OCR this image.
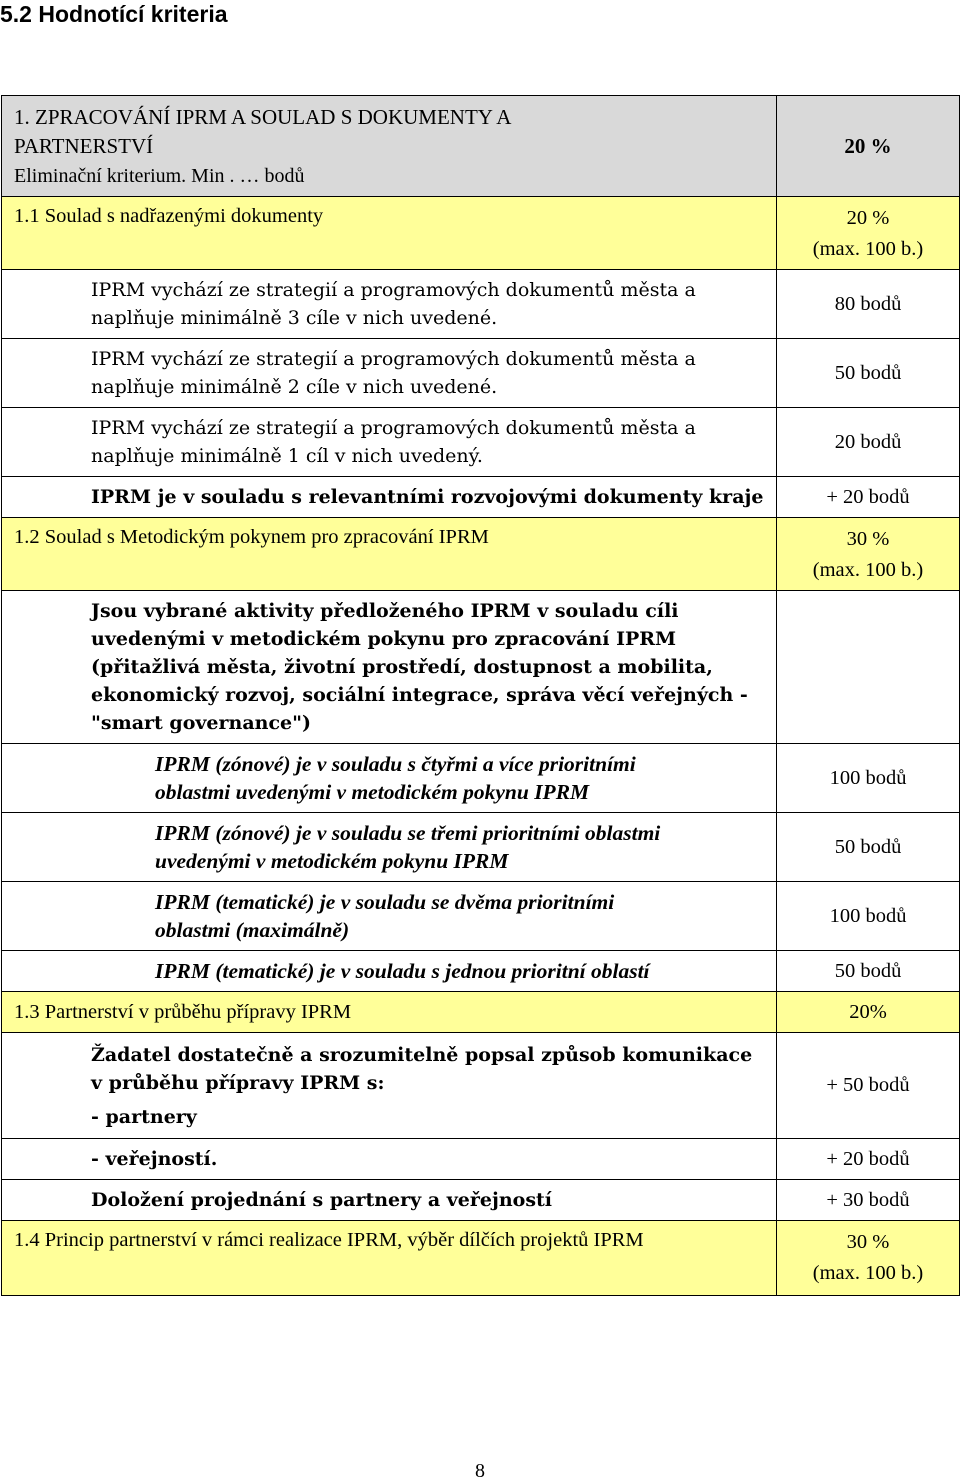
5.2 Hodnotící kriteria
1. ZPRACOVÁNÍ IPRM A SOULAD S DOKUMENTY A
PARTNERSTVÍ
Eliminační kriterium. Min . … bodů	20 %

1.1 Soulad s nadřazenými dokumenty	20 %
(max. 100 b.)

IPRM vychází ze strategií a programových dokumentů města a
naplňuje minimálně 3 cíle v nich uvedené.	80 bodů

IPRM vychází ze strategií a programových dokumentů města a
naplňuje minimálně 2 cíle v nich uvedené.	50 bodů

IPRM vychází ze strategií a programových dokumentů města a
naplňuje minimálně 1 cíl v nich uvedený.	20 bodů

IPRM je v souladu s relevantními rozvojovými dokumenty kraje	+ 20 bodů

1.2 Soulad s Metodickým pokynem pro zpracování IPRM	30 %
(max. 100 b.)

Jsou vybrané aktivity předloženého IPRM v souladu cíli
uvedenými v metodickém pokynu pro zpracování IPRM
(přitažlivá města, životní prostředí, dostupnost a mobilita,
ekonomický rozvoj, sociální integrace, správa věcí veřejných -
"smart governance")	

IPRM (zónové) je v souladu s čtyřmi a více prioritními
oblastmi uvedenými v metodickém pokynu IPRM	100 bodů

IPRM (zónové) je v souladu se třemi prioritními oblastmi
uvedenými v metodickém pokynu IPRM	50 bodů

IPRM (tematické) je v souladu se dvěma prioritními
oblastmi (maximálně)	100 bodů

IPRM (tematické) je v souladu s jednou prioritní oblastí	50 bodů

1.3 Partnerství v průběhu přípravy IPRM	20%

Žadatel dostatečně a srozumitelně popsal způsob komunikace
v průběhu přípravy IPRM s:
- partnery	+ 50 bodů

- veřejností.	+ 20 bodů

Doložení projednání s partnery a veřejností	+ 30 bodů

1.4 Princip partnerství v rámci realizace IPRM, výběr dílčích projektů IPRM	30 %
(max. 100 b.)
8
